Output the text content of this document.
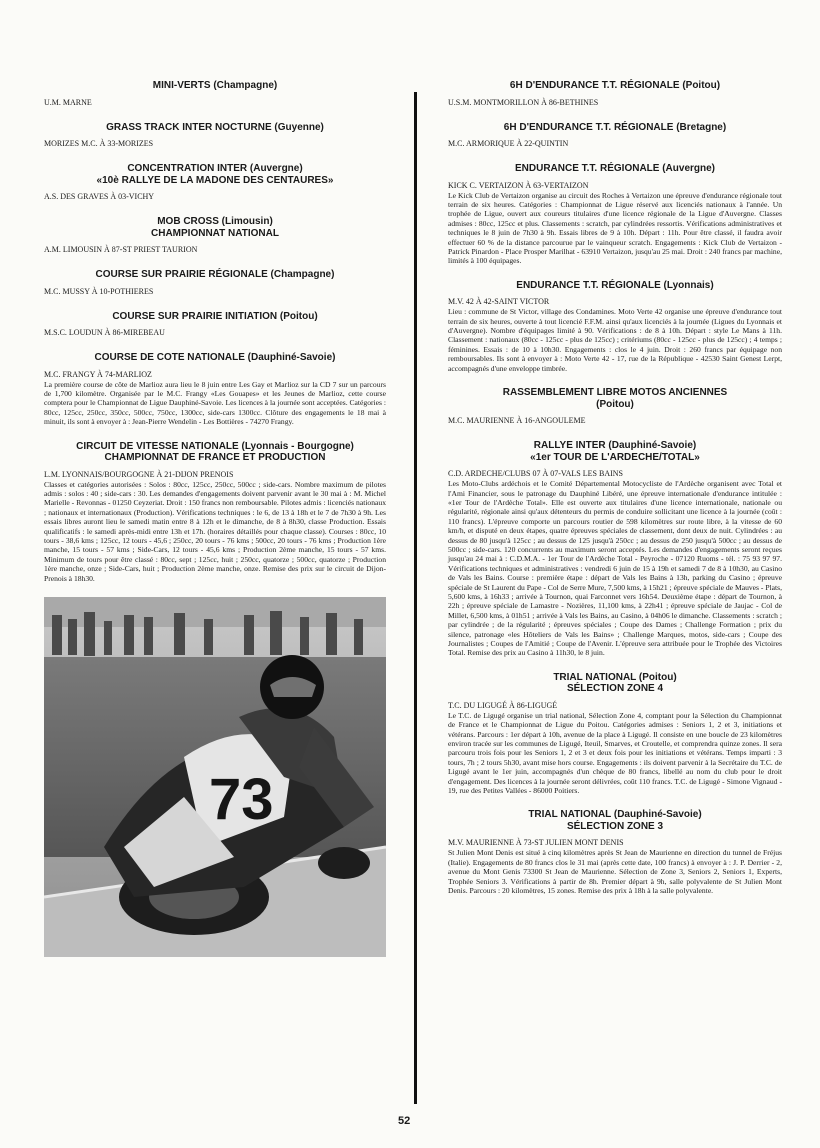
MINI-VERTS (Champagne)

U.M. MARNE

GRASS TRACK INTER NOCTURNE (Guyenne)

MORIZES M.C. À 33-MORIZES

CONCENTRATION INTER (Auvergne)
«10è RALLYE DE LA MADONE DES CENTAURES»

A.S. DES GRAVES À 03-VICHY

MOB CROSS (Limousin)
CHAMPIONNAT NATIONAL

A.M. LIMOUSIN À 87-ST PRIEST TAURION

COURSE SUR PRAIRIE RÉGIONALE (Champagne)

M.C. MUSSY À 10-POTHIERES

COURSE SUR PRAIRIE INITIATION (Poitou)

M.S.C. LOUDUN À 86-MIREBEAU

COURSE DE COTE NATIONALE (Dauphiné-Savoie)

M.C. FRANGY À 74-MARLIOZ

La première course de côte de Marlioz aura lieu le 8 juin entre Les Gay et Marlioz sur la CD 7 sur un parcours de 1,700 kilomètre. Organisée par le M.C. Frangy «Les Gouapes» et les Jeunes de Marlioz, cette course comptera pour le Championnat de Ligue Dauphiné-Savoie. Les licences à la journée sont acceptées. Catégories : 80cc, 125cc, 250cc, 350cc, 500cc, 750cc, 1300cc, side-cars 1300cc. Clôture des engagements le 18 mai à minuit, ils sont à envoyer à : Jean-Pierre Wendelin - Les Bottières - 74270 Frangy.

CIRCUIT DE VITESSE NATIONALE (Lyonnais - Bourgogne)
CHAMPIONNAT DE FRANCE ET PRODUCTION

L.M. LYONNAIS/BOURGOGNE À 21-DIJON PRENOIS

Classes et catégories autorisées : Solos : 80cc, 125cc, 250cc, 500cc ; side-cars. Nombre maximum de pilotes admis : solos : 40 ; side-cars : 30. Les demandes d'engagements doivent parvenir avant le 30 mai à : M. Michel Marielle - Revonnas - 01250 Ceyzeriat. Droit : 150 francs non remboursable. Pilotes admis : licenciés nationaux ; nationaux et internationaux (Production). Vérifications techniques : le 6, de 13 à 18h et le 7 de 7h30 à 9h. Les essais libres auront lieu le samedi matin entre 8 à 12h et le dimanche, de 8 à 8h30, classe Production. Essais qualificatifs : le samedi après-midi entre 13h et 17h. (horaires détaillés pour chaque classe). Courses : 80cc, 10 tours - 38,6 kms ; 125cc, 12 tours - 45,6 ; 250cc, 20 tours - 76 kms ; 500cc, 20 tours - 76 kms ; Production 1ère manche, 15 tours - 57 kms ; Side-Cars, 12 tours - 45,6 kms ; Production 2ème manche, 15 tours - 57 kms. Minimum de tours pour être classé : 80cc, sept ; 125cc, huit ; 250cc, quatorze ; 500cc, quatorze ; Production 1ère manche, onze ; Side-Cars, huit ; Production 2ème manche, onze. Remise des prix sur le circuit de Dijon-Prenois à 18h30.

73
6H D'ENDURANCE T.T. RÉGIONALE (Poitou)

U.S.M. MONTMORILLON À 86-BETHINES

6H D'ENDURANCE T.T. RÉGIONALE (Bretagne)

M.C. ARMORIQUE À 22-QUINTIN

ENDURANCE T.T. RÉGIONALE (Auvergne)

KICK C. VERTAIZON À 63-VERTAIZON

Le Kick Club de Vertaizon organise au circuit des Roches à Vertaizon une épreuve d'endurance régionale tout terrain de six heures. Catégories : Championnat de Ligue réservé aux licenciés nationaux à l'année. Un trophée de Ligue, ouvert aux coureurs titulaires d'une licence régionale de la Ligue d'Auvergne. Classes admises : 80cc, 125cc et plus. Classements : scratch, par cylindrées ressortis. Vérifications administratives et techniques le 8 juin de 7h30 à 9h. Essais libres de 9 à 10h. Départ : 11h. Pour être classé, il faudra avoir effectuer 60 % de la distance parcourue par le vainqueur scratch. Engagements : Kick Club de Vertaizon - Patrick Pinardon - Place Prosper Marilhat - 63910 Vertaizon, jusqu'au 25 mai. Droit : 240 francs par machine, limités à 100 équipages.

ENDURANCE T.T. RÉGIONALE (Lyonnais)

M.V. 42 À 42-SAINT VICTOR

Lieu : commune de St Victor, village des Condamines. Moto Verte 42 organise une épreuve d'endurance tout terrain de six heures, ouverte à tout licencié F.F.M. ainsi qu'aux licenciés à la journée (Ligues du Lyonnais et d'Auvergne). Nombre d'équipages limité à 90. Vérifications : de 8 à 10h. Départ : style Le Mans à 11h. Classement : nationaux (80cc - 125cc - plus de 125cc) ; critériums (80cc - 125cc - plus de 125cc) ; 4 temps ; féminines. Essais : de 10 à 10h30. Engagements : clos le 4 juin. Droit : 260 francs par équipage non remboursables. Ils sont à envoyer à : Moto Verte 42 - 17, rue de la République - 42530 Saint Genest Lerpt, accompagnés d'une enveloppe timbrée.

RASSEMBLEMENT LIBRE MOTOS ANCIENNES
(Poitou)

M.C. MAURIENNE À 16-ANGOULEME

RALLYE INTER (Dauphiné-Savoie)
«1er TOUR DE L'ARDECHE/TOTAL»

C.D. ARDECHE/CLUBS 07 À 07-VALS LES BAINS

Les Moto-Clubs ardéchois et le Comité Départemental Motocycliste de l'Ardèche organisent avec Total et l'Ami Financier, sous le patronage du Dauphiné Libéré, une épreuve internationale d'endurance intitulée : «1er Tour de l'Ardèche Total». Elle est ouverte aux titulaires d'une licence internationale, nationale ou régularité, régionale ainsi qu'aux détenteurs du permis de conduire sollicitant une licence à la journée (coût : 110 francs). L'épreuve comporte un parcours routier de 598 kilomètres sur route libre, à la vitesse de 60 km/h, et disputé en deux étapes, quatre épreuves spéciales de classement, dont deux de nuit. Cylindrées : au dessus de 80 jusqu'à 125cc ; au dessus de 125 jusqu'à 250cc ; au dessus de 250 jusqu'à 500cc ; au dessus de 500cc ; side-cars. 120 concurrents au maximum seront acceptés. Les demandes d'engagements seront reçues jusqu'au 24 mai à : C.D.M.A. - 1er Tour de l'Ardèche Total - Peyroche - 07120 Ruoms - tél. : 75 93 97 97. Vérifications techniques et administratives : vendredi 6 juin de 15 à 19h et samedi 7 de 8 à 10h30, au Casino de Vals les Bains. Course : première étape : départ de Vals les Bains à 13h, parking du Casino ; épreuve spéciale de St Laurent du Pape - Col de Serre Mure, 7,500 kms, à 15h21 ; épreuve spéciale de Mauves - Plats, 5,600 kms, à 16h33 ; arrivée à Tournon, quai Farconnet vers 16h54. Deuxième étape : départ de Tournon, à 22h ; épreuve spéciale de Lamastre - Nozières, 11,100 kms, à 22h41 ; épreuve spéciale de Jaujac - Col de Millet, 6,500 kms, à 01h51 ; arrivée à Vals les Bains, au Casino, à 04h06 le dimanche. Classements : scratch ; par cylindrée ; de la régularité ; épreuves spéciales ; Coupe des Dames ; Challenge Formation ; prix du silence, patronage «les Hôteliers de Vals les Bains» ; Challenge Marques, motos, side-cars ; Coupe des Journalistes ; Coupes de l'Amitié ; Coupe de l'Avenir. L'épreuve sera attribuée pour le Trophée des Victoires Total. Remise des prix au Casino à 11h30, le 8 juin.

TRIAL NATIONAL (Poitou)
SÉLECTION ZONE 4

T.C. DU LIGUGÉ À 86-LIGUGÉ

Le T.C. de Ligugé organise un trial national, Sélection Zone 4, comptant pour la Sélection du Championnat de France et le Championnat de Ligue du Poitou. Catégories admises : Seniors 1, 2 et 3, initiations et vétérans. Parcours : 1er départ à 10h, avenue de la place à Ligugé. Il consiste en une boucle de 23 kilomètres environ tracée sur les communes de Ligugé, Iteuil, Smarves, et Croutelle, et comprendra quinze zones. Il sera parcouru trois fois pour les Seniors 1, 2 et 3 et deux fois pour les initiations et vétérans. Temps imparti : 3 tours, 7h ; 2 tours 5h30, avant mise hors course. Engagements : ils doivent parvenir à la Secrétaire du T.C. de Ligugé avant le 1er juin, accompagnés d'un chèque de 80 francs, libellé au nom du club pour le droit d'engagement. Des licences à la journée seront délivrées, coût 110 francs. T.C. de Ligugé - Simone Vignaud - 19, rue des Petites Vallées - 86000 Poitiers.

TRIAL NATIONAL (Dauphiné-Savoie)
SÉLECTION ZONE 3

M.V. MAURIENNE À 73-ST JULIEN MONT DENIS

St Julien Mont Denis est situé à cinq kilomètres après St Jean de Maurienne en direction du tunnel de Fréjus (Italie). Engagements de 80 francs clos le 31 mai (après cette date, 100 francs) à envoyer à : J. P. Derrier - 2, avenue du Mont Genis 73300 St Jean de Maurienne. Sélection de Zone 3, Seniors 2, Seniors 1, Experts, Trophée Seniors 3. Vérifications à partir de 8h. Premier départ à 9h, salle polyvalente de St Julien Mont Denis. Parcours : 20 kilomètres, 15 zones. Remise des prix à 18h à la salle polyvalente.

52
